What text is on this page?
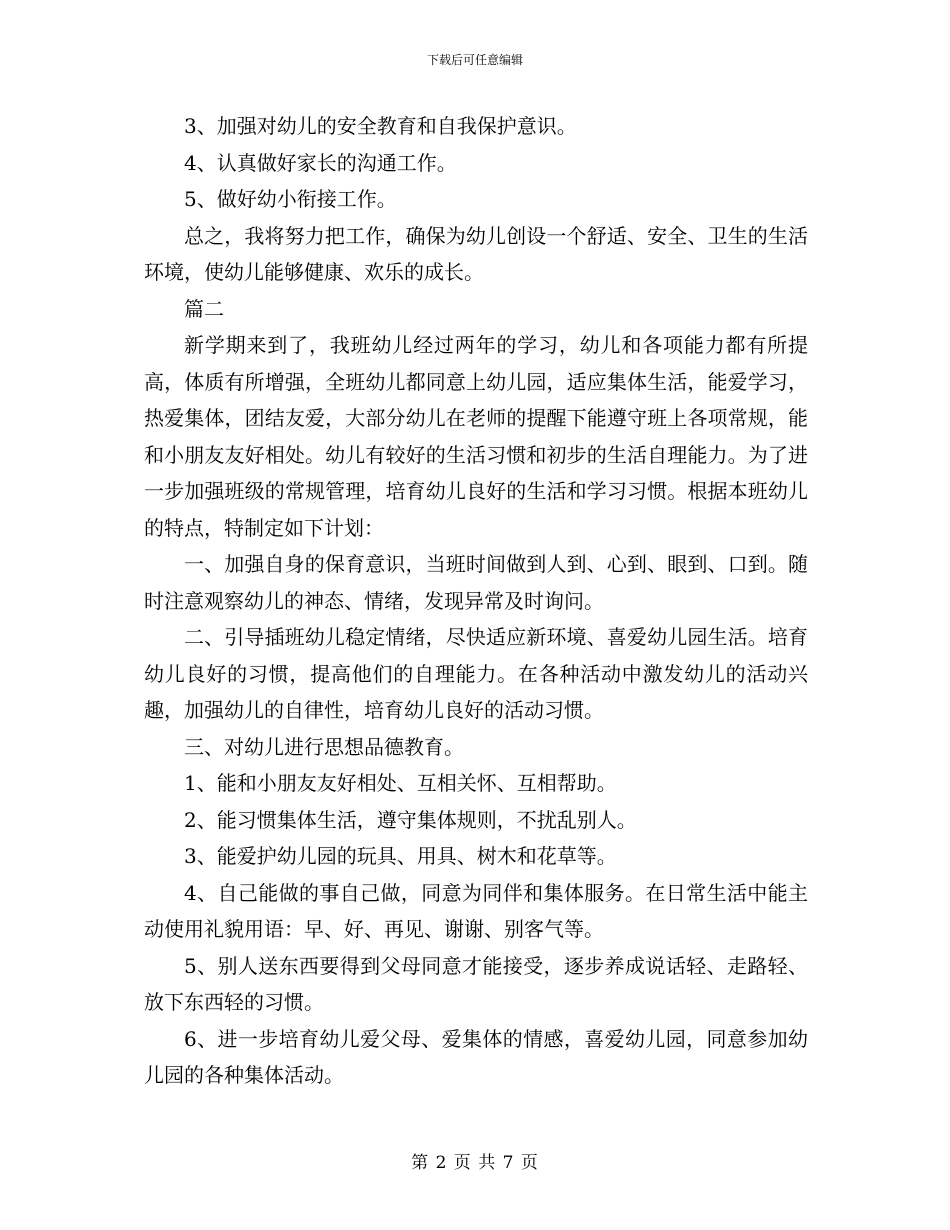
下载后可任意编辑

3、加强对幼儿的安全教育和自我保护意识。

4、认真做好家长的沟通工作。

5、做好幼小衔接工作。

总之，我将努力把工作，确保为幼儿创设一个舒适、安全、卫生的生活环境，使幼儿能够健康、欢乐的成长。

篇二

新学期来到了，我班幼儿经过两年的学习，幼儿和各项能力都有所提高，体质有所增强，全班幼儿都同意上幼儿园，适应集体生活，能爱学习，热爱集体，团结友爱，大部分幼儿在老师的提醒下能遵守班上各项常规，能和小朋友友好相处。幼儿有较好的生活习惯和初步的生活自理能力。为了进一步加强班级的常规管理，培育幼儿良好的生活和学习习惯。根据本班幼儿的特点，特制定如下计划：

一、加强自身的保育意识，当班时间做到人到、心到、眼到、口到。随时注意观察幼儿的神态、情绪，发现异常及时询问。

二、引导插班幼儿稳定情绪，尽快适应新环境、喜爱幼儿园生活。培育幼儿良好的习惯，提高他们的自理能力。在各种活动中激发幼儿的活动兴趣，加强幼儿的自律性，培育幼儿良好的活动习惯。

三、对幼儿进行思想品德教育。

1、能和小朋友友好相处、互相关怀、互相帮助。

2、能习惯集体生活，遵守集体规则，不扰乱别人。

3、能爱护幼儿园的玩具、用具、树木和花草等。

4、自己能做的事自己做，同意为同伴和集体服务。在日常生活中能主动使用礼貌用语：早、好、再见、谢谢、别客气等。

5、别人送东西要得到父母同意才能接受，逐步养成说话轻、走路轻、放下东西轻的习惯。

6、进一步培育幼儿爱父母、爱集体的情感，喜爱幼儿园，同意参加幼儿园的各种集体活动。

第 2 页 共 7 页
